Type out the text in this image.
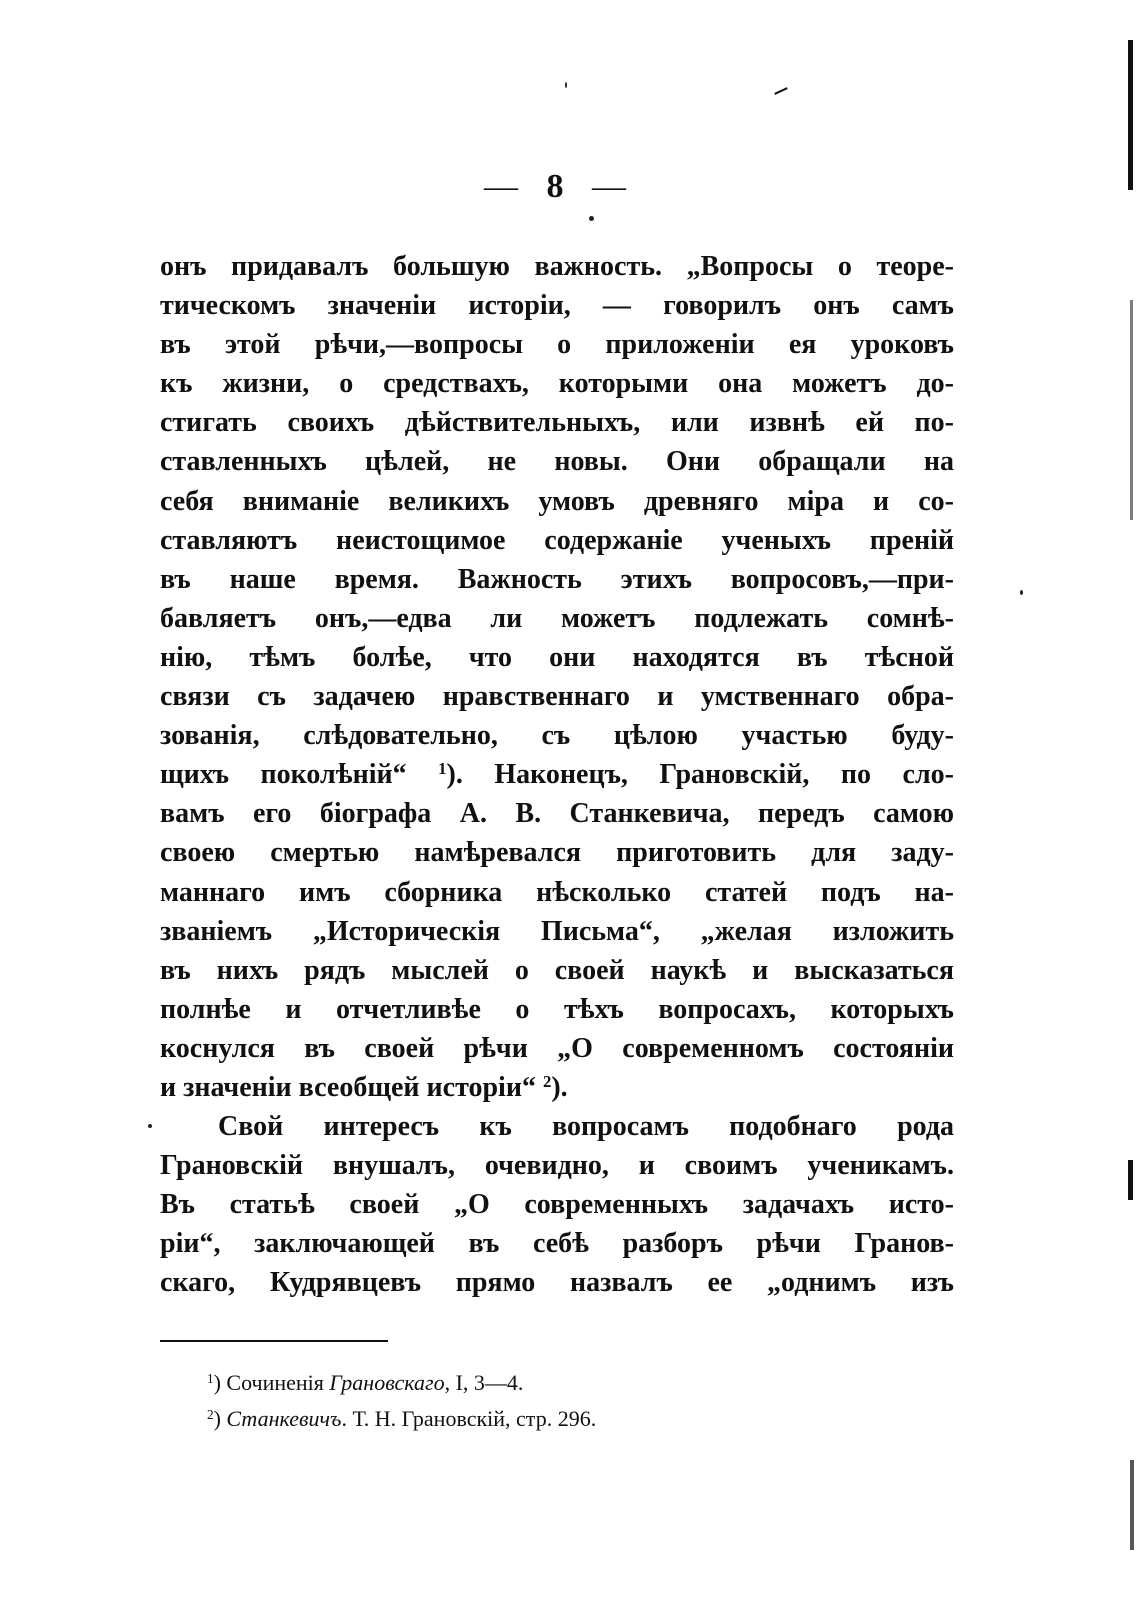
— 8 —
онъ придавалъ большую важность. „Вопросы о теоре-
тическомъ значенiи исторiи, — говорилъ онъ самъ
въ этой рѣчи,—вопросы о приложенiи ея уроковъ
къ жизни, о средствахъ, которыми она можетъ до-
стигать своихъ дѣйствительныхъ, или извнѣ ей по-
ставленныхъ цѣлей, не новы. Они обращали на
себя вниманiе великихъ умовъ древняго мiра и со-
ставляютъ неистощимое содержанiе ученыхъ пренiй
въ наше время. Важность этихъ вопросовъ,—при-
бавляетъ онъ,—едва ли можетъ подлежать сомнѣ-
нiю, тѣмъ болѣе, что они находятся въ тѣсной
связи съ задачею нравственнаго и умственнаго обра-
зованiя, слѣдовательно, съ цѣлою участью буду-
щихъ поколѣнiй“ $^1$). Наконецъ, Грановскiй, по сло-
вамъ его бiографа А. В. Станкевича, передъ самою
своею смертью намѣревался приготовить для заду-
маннаго имъ сборника нѣсколько статей подъ на-
званiемъ „Историческiя Письма“, „желая изложить
въ нихъ рядъ мыслей о своей наукѣ и высказаться
полнѣе и отчетливѣе о тѣхъ вопросахъ, которыхъ
коснулся въ своей рѣчи „О современномъ состоянiи
и значенiи всеобщей исторiи“ $^2$).
Свой интересъ къ вопросамъ подобнаго рода
Грановскiй внушалъ, очевидно, и своимъ ученикамъ.
Въ статьѣ своей „О современныхъ задачахъ исто-
рiи“, заключающей въ себѣ разборъ рѣчи Гранов-
скаго, Кудрявцевъ прямо назвалъ ее „однимъ изъ
$^1$) Сочиненiя Грановскаго, I, 3—4.
$^2$) Станкевичъ. Т. Н. Грановскiй, стр. 296.
